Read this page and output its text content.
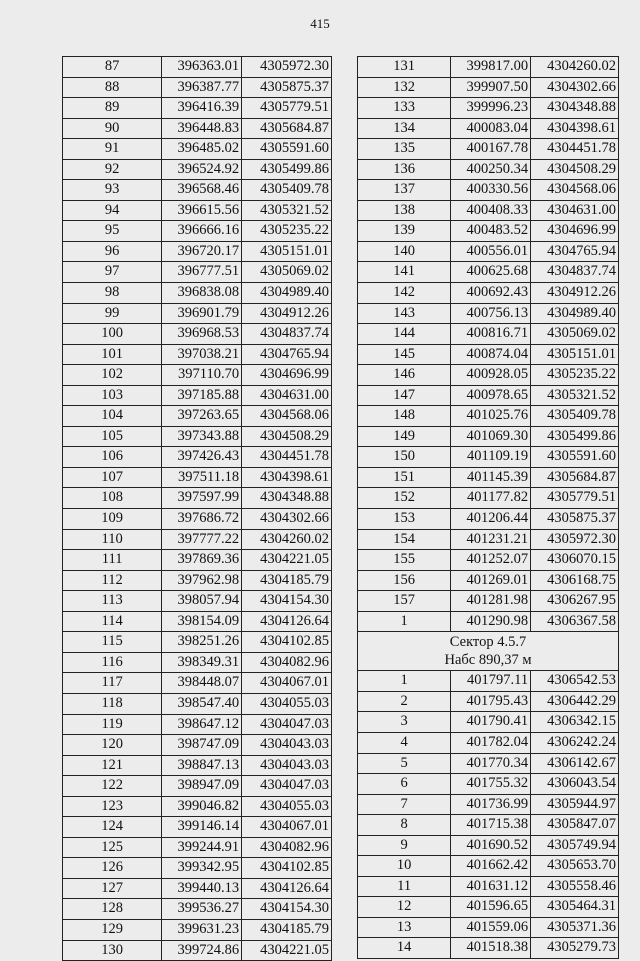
415
87	396363.01	4305972.30
88	396387.77	4305875.37
89	396416.39	4305779.51
90	396448.83	4305684.87
91	396485.02	4305591.60
92	396524.92	4305499.86
93	396568.46	4305409.78
94	396615.56	4305321.52
95	396666.16	4305235.22
96	396720.17	4305151.01
97	396777.51	4305069.02
98	396838.08	4304989.40
99	396901.79	4304912.26
100	396968.53	4304837.74
101	397038.21	4304765.94
102	397110.70	4304696.99
103	397185.88	4304631.00
104	397263.65	4304568.06
105	397343.88	4304508.29
106	397426.43	4304451.78
107	397511.18	4304398.61
108	397597.99	4304348.88
109	397686.72	4304302.66
110	397777.22	4304260.02
111	397869.36	4304221.05
112	397962.98	4304185.79
113	398057.94	4304154.30
114	398154.09	4304126.64
115	398251.26	4304102.85
116	398349.31	4304082.96
117	398448.07	4304067.01
118	398547.40	4304055.03
119	398647.12	4304047.03
120	398747.09	4304043.03
121	398847.13	4304043.03
122	398947.09	4304047.03
123	399046.82	4304055.03
124	399146.14	4304067.01
125	399244.91	4304082.96
126	399342.95	4304102.85
127	399440.13	4304126.64
128	399536.27	4304154.30
129	399631.23	4304185.79
130	399724.86	4304221.05
131	399817.00	4304260.02
132	399907.50	4304302.66
133	399996.23	4304348.88
134	400083.04	4304398.61
135	400167.78	4304451.78
136	400250.34	4304508.29
137	400330.56	4304568.06
138	400408.33	4304631.00
139	400483.52	4304696.99
140	400556.01	4304765.94
141	400625.68	4304837.74
142	400692.43	4304912.26
143	400756.13	4304989.40
144	400816.71	4305069.02
145	400874.04	4305151.01
146	400928.05	4305235.22
147	400978.65	4305321.52
148	401025.76	4305409.78
149	401069.30	4305499.86
150	401109.19	4305591.60
151	401145.39	4305684.87
152	401177.82	4305779.51
153	401206.44	4305875.37
154	401231.21	4305972.30
155	401252.07	4306070.15
156	401269.01	4306168.75
157	401281.98	4306267.95
1	401290.98	4306367.58

Сектор 4.5.7
Набс 890,37 м		

1	401797.11	4306542.53
2	401795.43	4306442.29
3	401790.41	4306342.15
4	401782.04	4306242.24
5	401770.34	4306142.67
6	401755.32	4306043.54
7	401736.99	4305944.97
8	401715.38	4305847.07
9	401690.52	4305749.94
10	401662.42	4305653.70
11	401631.12	4305558.46
12	401596.65	4305464.31
13	401559.06	4305371.36
14	401518.38	4305279.73
